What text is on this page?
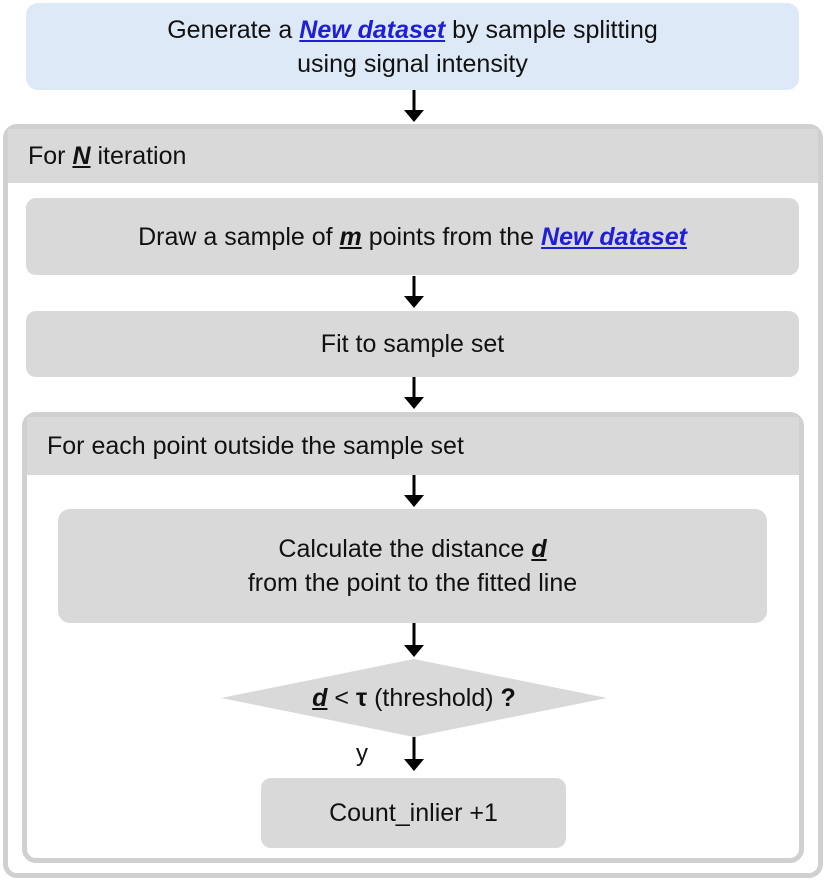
Generate a New dataset by sample splitting
using signal intensity
For
N
iteration
Draw a sample of m points from the New dataset
Fit to sample set
For each point outside the sample set
Calculate the distance d
from the point to the fitted line
d < τ (threshold) ?
y
Count_inlier +1
